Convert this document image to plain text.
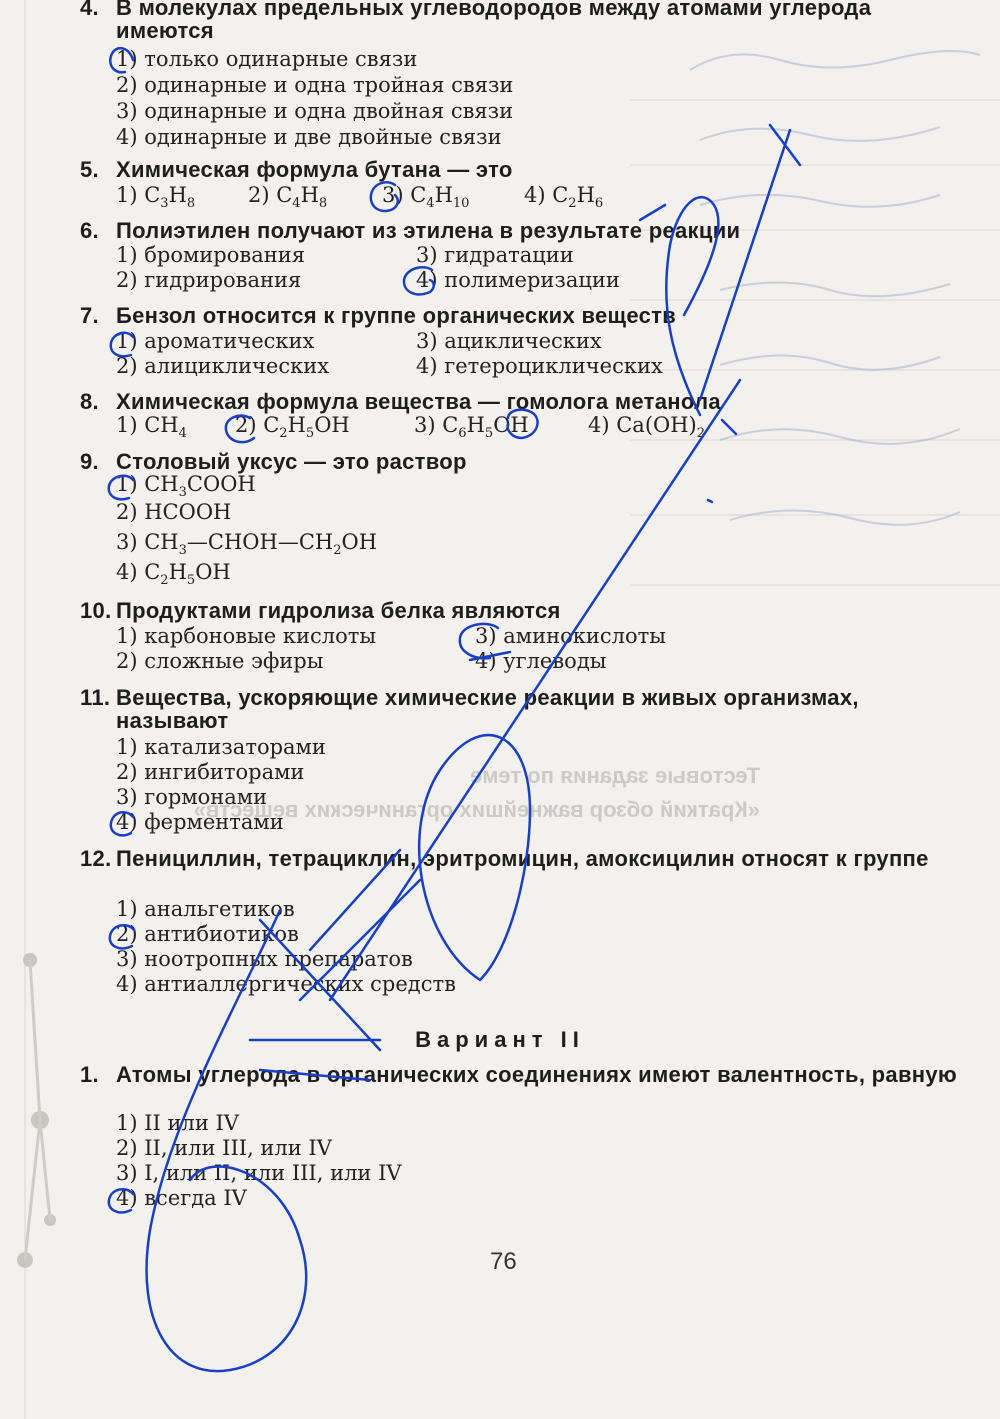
Тестовые задания по теме
«Краткий обзор важнейших органических веществ»
4. В молекулах предельных углеводородов между атомами углерода имеются
1) только одинарные связи
2) одинарные и одна тройная связи
3) одинарные и одна двойная связи
4) одинарные и две двойные связи
5. Химическая формула бутана — это
1) $C_3H_8$	2) $C_4H_8$	3) $C_4H_{10}$	4) $C_2H_6$
6. Полиэтилен получают из этилена в результате реакции
1) бромирования
2) гидрирования
3) гидратации
4) полимеризации
7. Бензол относится к группе органических веществ
1) ароматических
2) алициклических
3) ациклических
4) гетероциклических
8. Химическая формула вещества — гомолога метанола
1) $CH_4$ 2) $C_2H_5OH$	3) $C_6H_5OH$	4) $Ca(OH)_2$
9. Столовый уксус — это раствор
1) $CH_3COOH$
2) HCOOH
3) $CH_3—CHOH—CH_2OH$
4) $C_2H_5OH$
10. Продуктами гидролиза белка являются
1) карбоновые кислоты
2) сложные эфиры
3) аминокислоты
4) углеводы
11. Вещества, ускоряющие химические реакции в живых организмах, называют
1) катализаторами
2) ингибиторами
3) гормонами
4) ферментами
12. Пенициллин, тетрациклин, эритромицин, амоксицилин относят к группе
1) анальгетиков
2) антибиотиков
3) ноотропных препаратов
4) антиаллергических средств
Вариант II
1. Атомы углерода в органических соединениях имеют валентность, равную
1) II или IV
2) II, или III, или IV
3) I, или II, или III, или IV
4) всегда IV
76
